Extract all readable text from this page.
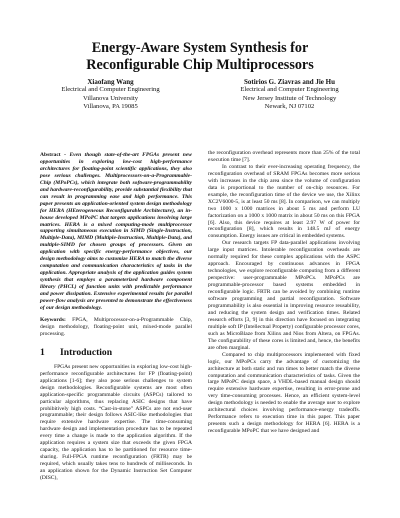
Energy-Aware System Synthesis for
Reconfigurable Chip Multiprocessors
Xiaofang Wang
Electrical and Computer Engineering
Villanova University
Villanova, PA 19085
Sotirios G. Ziavras and Jie Hu
Electrical and Computer Engineering
New Jersey Institute of Technology
Newark, NJ 07102

Abstract - Even though state-of-the-art FPGAs present new opportunities in exploring low-cost high-performance architectures for floating-point scientific applications, they also pose serious challenges. Multiprocessors-on-a-Programmable-Chip (MPoPCs), which integrate both software-programmability and hardware-reconfigurability, provide substantial flexibility that can result in programming ease and high performance. This paper presents an application-oriented system design methodology for HERA (HEterogeneous Reconfigurable Architecture), an in-house developed MPoPC that targets applications involving large matrices. HERA is a mixed computing-mode multiprocessor supporting simultaneous execution in SIMD (Single-Instruction, Multiple-Data), MIMD (Multiple-Instruction, Multiple-Data), and multiple-SIMD for chosen groups of processors. Given an application with specific energy-performance objectives, our design methodology aims to customize HERA to match the diverse computation and communication characteristics of tasks in the application. Appropriate analysis of the application guides system synthesis that employs a parameterized hardware component library (PHCL) of function units with predictable performance and power dissipation. Extensive experimental results for parallel power-flow analysis are presented to demonstrate the effectiveness of our design methodology.

Keywords: FPGA, Multiprocessor-on-a-Programmable Chip, design methodology, floating-point unit, mixed-mode parallel processing.

1 Introduction

FPGAs present new opportunities in exploring low-cost high-performance reconfigurable architectures for FP (floating-point) applications [1-6]; they also pose serious challenges to system design methodologies. Reconfigurable systems are most often application-specific programmable circuits (ASPCs) tailored to particular algorithms, thus replacing ASIC designs that have prohibitively high costs. “Cast-in-stone” ASPCs are not end-user programmable; their design follows ASIC-like methodologies that require extensive hardware expertise. The time-consuming hardware design and implementation procedure has to be repeated every time a change is made to the application algorithm. If the application requires a system size that exceeds the given FPGA capacity, the application has to be partitioned for resource time-sharing. Full-FPGA runtime reconfiguration (FRTR) may be required, which usually takes tens to hundreds of milliseconds. In an application shown for the Dynamic Instruction Set Computer (DISC),

the reconfiguration overhead represents more than 25% of the total execution time [7].

In contrast to their ever-increasing operating frequency, the reconfiguration overhead of SRAM FPGAs becomes more serious with increases in the chip area since the volume of configuration data is proportional to the number of on-chip resources. For example, the reconfiguration time of the device we use, the Xilinx XC2V6000-5, is at least 50 ms [8]. In comparison, we can multiply two 1000 x 1000 matrices in about 5 ms and perform LU factorization on a 1000 x 1000 matrix in about 50 ms on this FPGA [6]. Also, this device requires at least 2.97 W of power for reconfiguration [8], which results in 148.5 mJ of energy consumption. Energy issues are critical in embedded systems.

Our research targets FP data-parallel applications involving large input matrices. Intolerable reconfiguration overheads are normally required for these complex applications with the ASPC approach. Encouraged by continuous advances in FPGA technologies, we explore reconfigurable computing from a different perspective: user-programmable MPoPCs. MPoPCs are programmable-processor based systems embedded in reconfigurable logic. FRTR can be avoided by combining runtime software programming and partial reconfiguration. Software programmability is also essential in improving resource reusability, and reducing the system design and verification times. Related research efforts [3, 9] in this direction have focused on integrating multiple soft IP (Intellectual Property) configurable processor cores, such as MicroBlaze from Xilinx and Nios from Altera, on FPGAs. The configurability of these cores is limited and, hence, the benefits are often marginal.

Compared to chip multiprocessors implemented with fixed logic, our MPoPCs carry the advantage of customizing the architecture at both static and run times to better match the diverse computation and communication characteristics of tasks. Given the large MPoPC design space, a VHDL-based manual design should require extensive hardware expertise, resulting in error-prone and very time-consuming processes. Hence, an efficient system-level design methodology is needed to enable the average user to explore architectural choices involving performance-energy tradeoffs. Performance refers to execution time in this paper. This paper presents such a design methodology for HERA [6]. HERA is a reconfigurable MPoPC that we have designed and
